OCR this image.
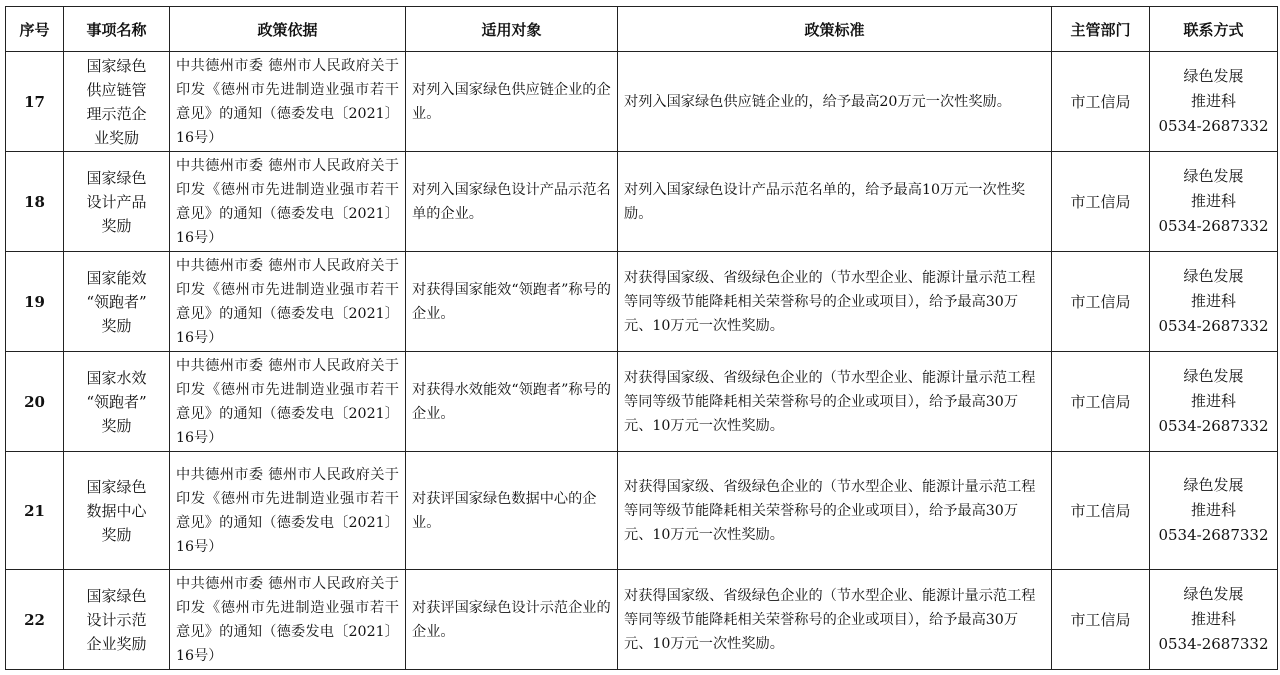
序号	事项名称	政策依据	适用对象	政策标准	主管部门	联系方式
17	国家绿色
供应链管
理示范企
业奖励	中共德州市委 德州市人民政府关于印发《德州市先进制造业强市若干意见》的通知（德委发电〔2021〕16号）	对列入国家绿色供应链企业的企业。	对列入国家绿色供应链企业的，给予最高20万元一次性奖励。	市工信局	绿色发展
推进科
0534-2687332

18	国家绿色
设计产品
奖励	中共德州市委 德州市人民政府关于印发《德州市先进制造业强市若干意见》的通知（德委发电〔2021〕16号）	对列入国家绿色设计产品示范名单的企业。	对列入国家绿色设计产品示范名单的，给予最高10万元一次性奖励。	市工信局	绿色发展
推进科
0534-2687332

19	国家能效
“领跑者”
奖励	中共德州市委 德州市人民政府关于印发《德州市先进制造业强市若干意见》的通知（德委发电〔2021〕16号）	对获得国家能效“领跑者”称号的企业。	对获得国家级、省级绿色企业的（节水型企业、能源计量示范工程等同等级节能降耗相关荣誉称号的企业或项目），给予最高30万元、10万元一次性奖励。	市工信局	绿色发展
推进科
0534-2687332

20	国家水效
“领跑者”
奖励	中共德州市委 德州市人民政府关于印发《德州市先进制造业强市若干意见》的通知（德委发电〔2021〕16号）	对获得水效能效“领跑者”称号的企业。	对获得国家级、省级绿色企业的（节水型企业、能源计量示范工程等同等级节能降耗相关荣誉称号的企业或项目），给予最高30万元、10万元一次性奖励。	市工信局	绿色发展
推进科
0534-2687332

21	国家绿色
数据中心
奖励	中共德州市委 德州市人民政府关于印发《德州市先进制造业强市若干意见》的通知（德委发电〔2021〕16号）	对获评国家绿色数据中心的企业。	对获得国家级、省级绿色企业的（节水型企业、能源计量示范工程等同等级节能降耗相关荣誉称号的企业或项目），给予最高30万元、10万元一次性奖励。	市工信局	绿色发展
推进科
0534-2687332

22	国家绿色
设计示范
企业奖励	中共德州市委 德州市人民政府关于印发《德州市先进制造业强市若干意见》的通知（德委发电〔2021〕16号）	对获评国家绿色设计示范企业的企业。	对获得国家级、省级绿色企业的（节水型企业、能源计量示范工程等同等级节能降耗相关荣誉称号的企业或项目），给予最高30万元、10万元一次性奖励。	市工信局	绿色发展
推进科
0534-2687332
